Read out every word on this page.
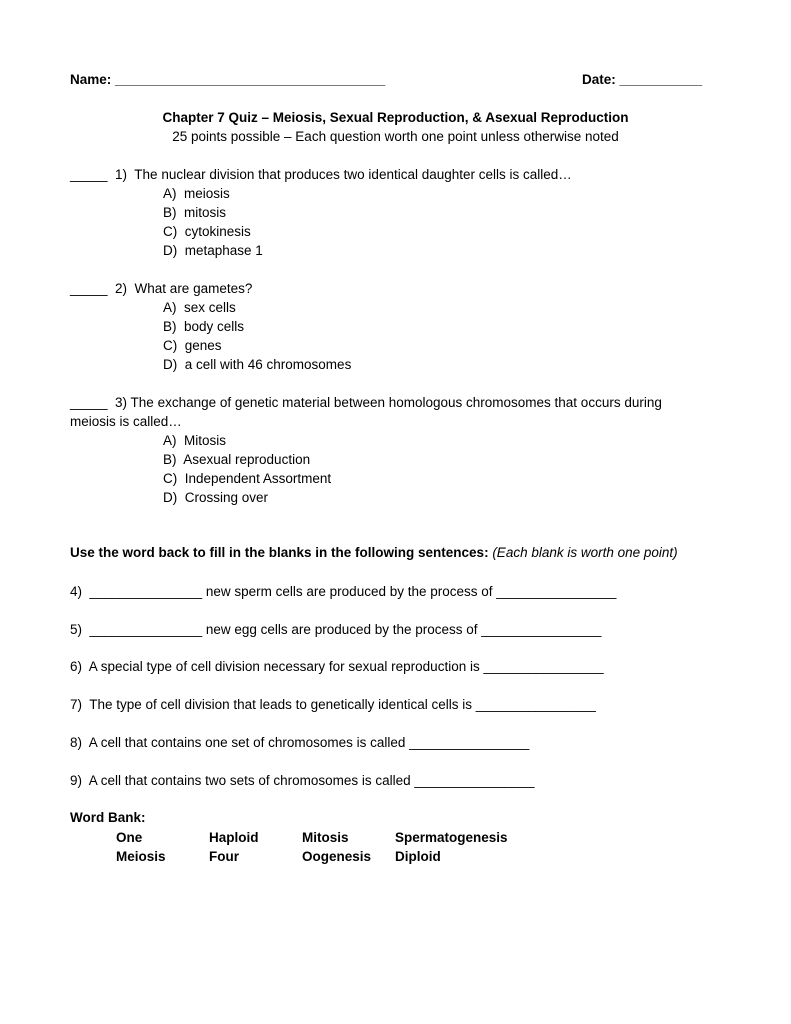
Name: ____________________________________	Date: ___________
Chapter 7 Quiz – Meiosis, Sexual Reproduction, & Asexual Reproduction
25 points possible – Each question worth one point unless otherwise noted
_____  1)  The nuclear division that produces two identical daughter cells is called…
A)  meiosis
B)  mitosis
C)  cytokinesis
D)  metaphase 1
_____  2)  What are gametes?
A)  sex cells
B)  body cells
C)  genes
D)  a cell with 46 chromosomes
_____  3) The exchange of genetic material between homologous chromosomes that occurs during
meiosis is called…
A)  Mitosis
B)  Asexual reproduction
C)  Independent Assortment
D)  Crossing over
Use the word back to fill in the blanks in the following sentences: (Each blank is worth one point)
4)  _______________ new sperm cells are produced by the process of ________________
5)  _______________ new egg cells are produced by the process of ________________
6)  A special type of cell division necessary for sexual reproduction is ________________
7)  The type of cell division that leads to genetically identical cells is ________________
8)  A cell that contains one set of chromosomes is called ________________
9)  A cell that contains two sets of chromosomes is called ________________
Word Bank:
One	Haploid	Mitosis	Spermatogenesis
Meiosis	Four	Oogenesis Diploid
